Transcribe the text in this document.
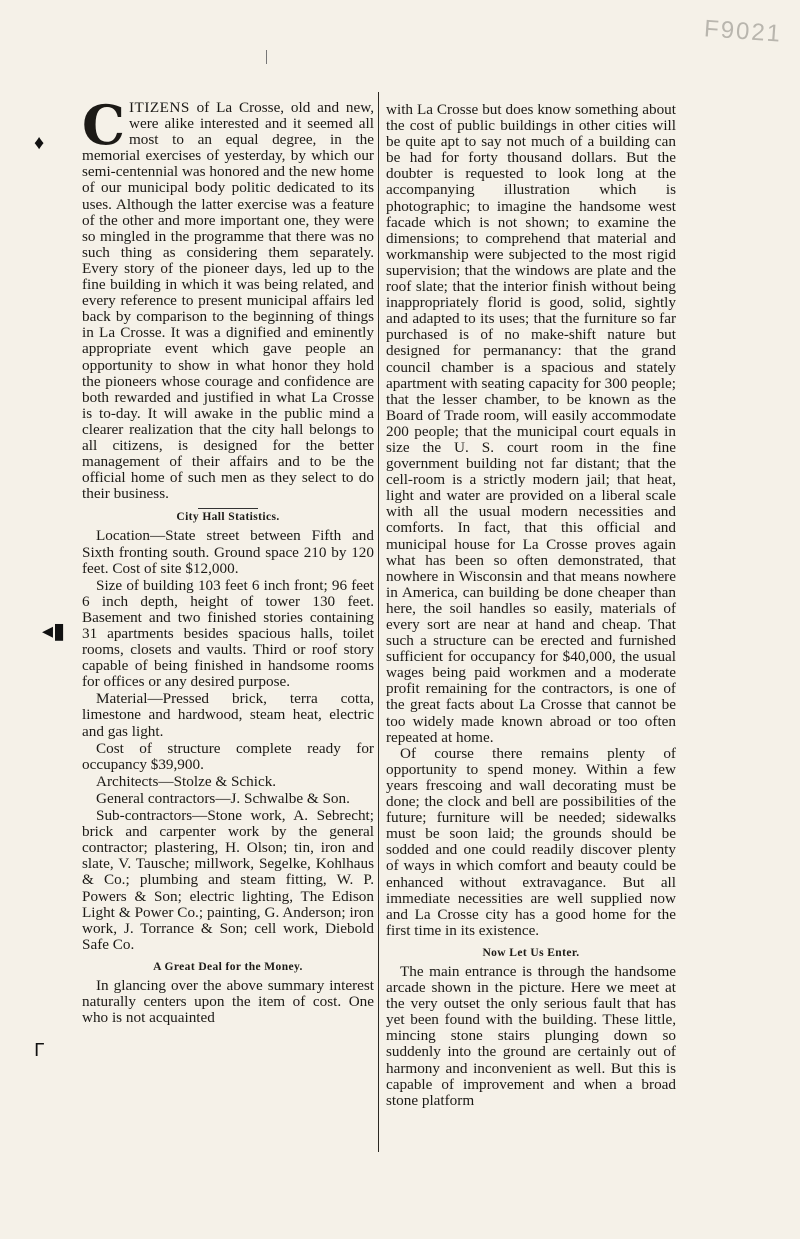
F9021
♦
◂▮
ᒥ

CITIZENS of La Crosse, old and new, were alike interested and it seemed all most to an equal degree, in the memorial exercises of yesterday, by which our semi-centennial was honored and the new home of our municipal body politic dedicated to its uses. Although the latter exercise was a feature of the other and more important one, they were so mingled in the programme that there was no such thing as considering them separately. Every story of the pioneer days, led up to the fine building in which it was being related, and every reference to present municipal affairs led back by comparison to the beginning of things in La Crosse. It was a dignified and eminently appropriate event which gave people an opportunity to show in what honor they hold the pioneers whose courage and confidence are both rewarded and justified in what La Crosse is to-day. It will awake in the public mind a clearer realization that the city hall belongs to all citizens, is designed for the better management of their affairs and to be the official home of such men as they select to do their business.

City Hall Statistics.

Location—State street between Fifth and Sixth fronting south. Ground space 210 by 120 feet. Cost of site $12,000.

Size of building 103 feet 6 inch front; 96 feet 6 inch depth, height of tower 130 feet. Basement and two finished stories containing 31 apartments besides spacious halls, toilet rooms, closets and vaults. Third or roof story capable of being finished in handsome rooms for offices or any desired purpose.

Material—Pressed brick, terra cotta, limestone and hardwood, steam heat, electric and gas light.

Cost of structure complete ready for occupancy $39,900.

Architects—Stolze & Schick.

General contractors—J. Schwalbe & Son.

Sub-contractors—Stone work, A. Sebrecht; brick and carpenter work by the general contractor; plastering, H. Olson; tin, iron and slate, V. Tausche; millwork, Segelke, Kohlhaus & Co.; plumbing and steam fitting, W. P. Powers & Son; electric lighting, The Edison Light & Power Co.; painting, G. Anderson; iron work, J. Torrance & Son; cell work, Diebold Safe Co.

A Great Deal for the Money.

In glancing over the above summary interest naturally centers upon the item of cost. One who is not acquainted

with La Crosse but does know something about the cost of public buildings in other cities will be quite apt to say not much of a building can be had for forty thousand dollars. But the doubter is requested to look long at the accompanying illustration which is photographic; to imagine the handsome west facade which is not shown; to examine the dimensions; to comprehend that material and workmanship were subjected to the most rigid supervision; that the windows are plate and the roof slate; that the interior finish without being inappropriately florid is good, solid, sightly and adapted to its uses; that the furniture so far purchased is of no make-shift nature but designed for permanancy: that the grand council chamber is a spacious and stately apartment with seating capacity for 300 people; that the lesser chamber, to be known as the Board of Trade room, will easily accommodate 200 people; that the municipal court equals in size the U. S. court room in the fine government building not far distant; that the cell-room is a strictly modern jail; that heat, light and water are provided on a liberal scale with all the usual modern necessities and comforts. In fact, that this official and municipal house for La Crosse proves again what has been so often demonstrated, that nowhere in Wisconsin and that means nowhere in America, can building be done cheaper than here, the soil handles so easily, materials of every sort are near at hand and cheap. That such a structure can be erected and furnished sufficient for occupancy for $40,000, the usual wages being paid workmen and a moderate profit remaining for the contractors, is one of the great facts about La Crosse that cannot be too widely made known abroad or too often repeated at home.

Of course there remains plenty of opportunity to spend money. Within a few years frescoing and wall decorating must be done; the clock and bell are possibilities of the future; furniture will be needed; sidewalks must be soon laid; the grounds should be sodded and one could readily discover plenty of ways in which comfort and beauty could be enhanced without extravagance. But all immediate necessities are well supplied now and La Crosse city has a good home for the first time in its existence.

Now Let Us Enter.

The main entrance is through the handsome arcade shown in the picture. Here we meet at the very outset the only serious fault that has yet been found with the building. These little, mincing stone stairs plunging down so suddenly into the ground are certainly out of harmony and inconvenient as well. But this is capable of improvement and when a broad stone platform
